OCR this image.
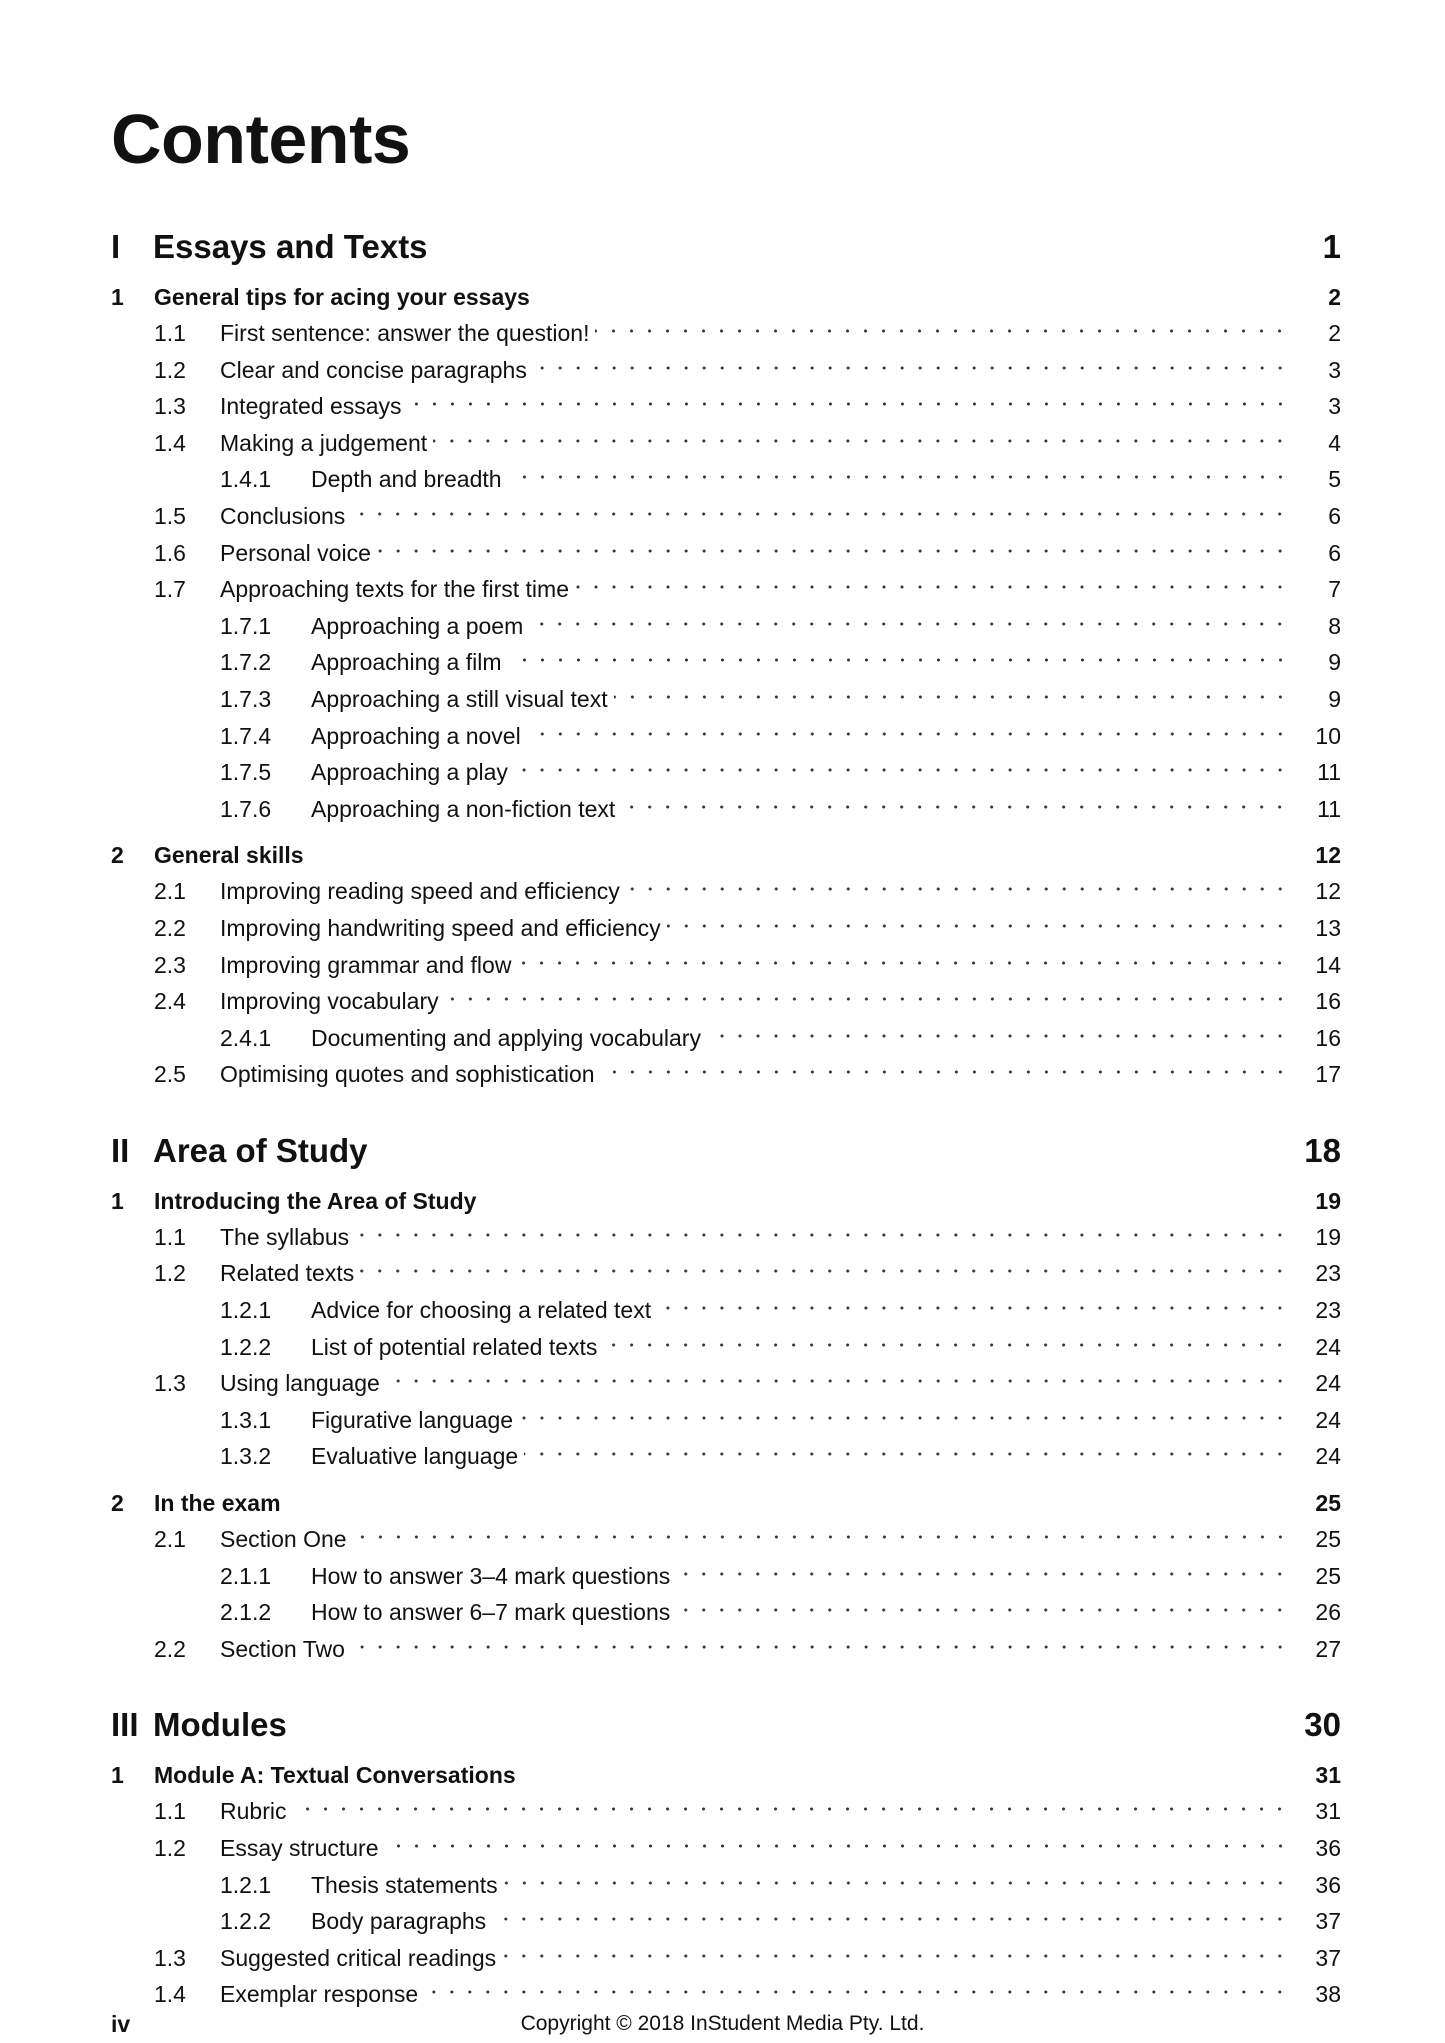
Contents
I Essays and Texts	1
1	General tips for acing your essays	2
1.1	First sentence: answer the question!	2
1.2	Clear and concise paragraphs	3
1.3	Integrated essays	3
1.4	Making a judgement	4
1.4.1	Depth and breadth	5
1.5	Conclusions	6
1.6	Personal voice	6
1.7	Approaching texts for the first time	7
1.7.1	Approaching a poem	8
1.7.2	Approaching a film	9
1.7.3	Approaching a still visual text	9
1.7.4	Approaching a novel	10
1.7.5	Approaching a play	11
1.7.6	Approaching a non-fiction text	11
2	General skills	12
2.1	Improving reading speed and efficiency	12
2.2	Improving handwriting speed and efficiency	13
2.3	Improving grammar and flow	14
2.4	Improving vocabulary	16
2.4.1	Documenting and applying vocabulary	16
2.5	Optimising quotes and sophistication	17
II Area of Study	18
1	Introducing the Area of Study	19
1.1	The syllabus	19
1.2	Related texts	23
1.2.1	Advice for choosing a related text	23
1.2.2	List of potential related texts	24
1.3	Using language	24
1.3.1	Figurative language	24
1.3.2	Evaluative language	24
2	In the exam	25
2.1	Section One	25
2.1.1	How to answer 3–4 mark questions	25
2.1.2	How to answer 6–7 mark questions	26
2.2	Section Two	27
III Modules	30
1	Module A: Textual Conversations	31
1.1	Rubric	31
1.2	Essay structure	36
1.2.1	Thesis statements	36
1.2.2	Body paragraphs	37
1.3	Suggested critical readings	37
1.4	Exemplar response	38
iv	Copyright © 2018 InStudent Media Pty. Ltd.
